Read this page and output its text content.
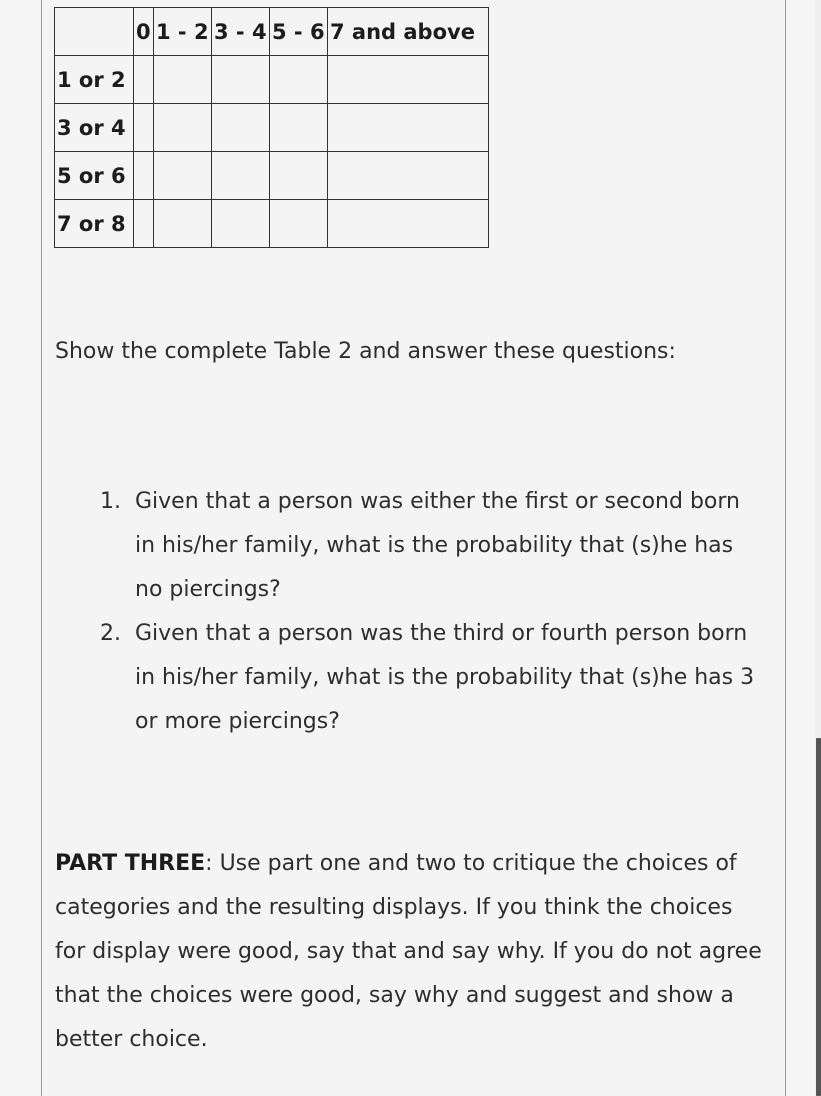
	0	1 - 2	3 - 4	5 - 6	7 and above
1 or 2					
3 or 4					
5 or 6					
7 or 8					
Show the complete Table 2 and answer these questions:
1. Given that a person was either the first or second born in his/her family, what is the probability that (s)he has no piercings?
2. Given that a person was the third or fourth person born in his/her family, what is the probability that (s)he has 3 or more piercings?
PART THREE: Use part one and two to critique the choices of categories and the resulting displays. If you think the choices for display were good, say that and say why. If you do not agree that the choices were good, say why and suggest and show a better choice.
